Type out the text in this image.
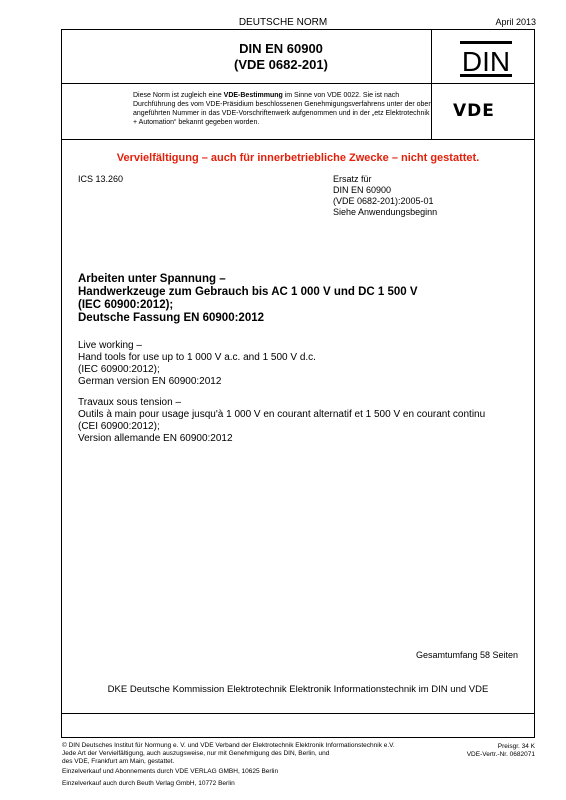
DEUTSCHE NORM	April 2013
DIN EN 60900
(VDE 0682-201)
Diese Norm ist zugleich eine VDE-Bestimmung im Sinne von VDE 0022. Sie ist nach Durchführung des vom VDE-Präsidium beschlossenen Genehmigungsverfahrens unter der oben angeführten Nummer in das VDE-Vorschriftenwerk aufgenommen und in der „etz Elektrotechnik + Automation“ bekannt gegeben worden.
DIN
VDE
Vervielfältigung – auch für innerbetriebliche Zwecke – nicht gestattet.
ICS 13.260	Ersatz für
DIN EN 60900
(VDE 0682-201):2005-01
Siehe Anwendungsbeginn
Arbeiten unter Spannung –
Handwerkzeuge zum Gebrauch bis AC 1 000 V und DC 1 500 V
(IEC 60900:2012);
Deutsche Fassung EN 60900:2012
Live working –
Hand tools for use up to 1 000 V a.c. and 1 500 V d.c.
(IEC 60900:2012);
German version EN 60900:2012
Travaux sous tension –
Outils à main pour usage jusqu'à 1 000 V en courant alternatif et 1 500 V en courant continu
(CEI 60900:2012);
Version allemande EN 60900:2012
Gesamtumfang 58 Seiten
DKE Deutsche Kommission Elektrotechnik Elektronik Informationstechnik im DIN und VDE
© DIN Deutsches Institut für Normung e. V. und VDE Verband der Elektrotechnik Elektronik Informationstechnik e.V.
Jede Art der Vervielfältigung, auch auszugsweise, nur mit Genehmigung des DIN, Berlin, und
des VDE, Frankfurt am Main, gestattet.
Preisgr. 34 K
VDE-Vertr.-Nr. 0682071
Einzelverkauf und Abonnements durch VDE VERLAG GMBH, 10625 Berlin
Einzelverkauf auch durch Beuth Verlag GmbH, 10772 Berlin
